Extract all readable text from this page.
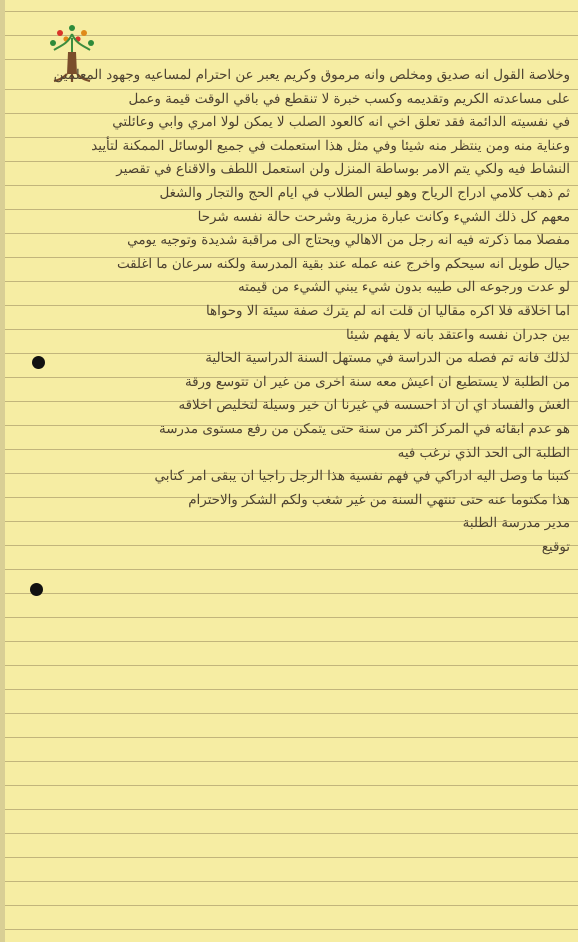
وخلاصة القول انه صديق ومخلص وانه مرموق وكريم يعبر عن احترام لمساعيه وجهود المعلمين
على مساعدته الكريم وتقديمه وكسب خبرة لا تنقطع في باقي الوقت قيمة وعمل
في نفسيته الدائمة فقد تعلق اخي انه كالعود الصلب لا يمكن لولا امري وابي وعائلتي
وعناية منه ومن ينتظر منه شيئا وفي مثل هذا استعملت في جميع الوسائل الممكنة لتأييد
النشاط فيه ولكي يتم الامر بوساطة المنزل ولن استعمل اللطف والاقناع في تقصير
ثم ذهب كلامي ادراج الرياح وهو ليس الطلاب في ايام الحج والتجار والشغل
معهم كل ذلك الشيء وكانت عبارة مزرية وشرحت حالة نفسه شرحا
مفصلا مما ذكرته فيه انه رجل من الاهالي ويحتاج الى مراقبة شديدة وتوجيه يومي
حيال طويل انه سيحكم واخرج عنه عمله عند بقية المدرسة ولكنه سرعان ما اغلقت
لو عدت ورجوعه الى طيبه بدون شيء يبني الشيء من قيمته
اما اخلاقه فلا اكره مقاليا ان قلت انه لم يترك صفة سيئة الا وحواها
بين جدران نفسه واعتقد بانه لا يفهم شيئا
لذلك فانه تم فصله من الدراسة في مستهل السنة الدراسية الحالية
من الطلبة لا يستطيع ان اعيش معه سنة اخرى من غير ان تتوسع ورقة
الغش والفساد اي ان اذ احسسه في غيرنا ان خير وسيلة لتخليص اخلاقه
هو عدم ابقائه في المركز اكثر من سنة حتى يتمكن من رفع مستوى مدرسة
الطلبة الى الحد الذي نرغب فيه
كتبنا ما وصل اليه ادراكي في فهم نفسية هذا الرجل راجيا ان يبقى امر كتابي
هذا مكتوما عنه حتى تنتهي السنة من غير شغب ولكم الشكر والاحترام
مدير مدرسة الطلبة
توقيع
